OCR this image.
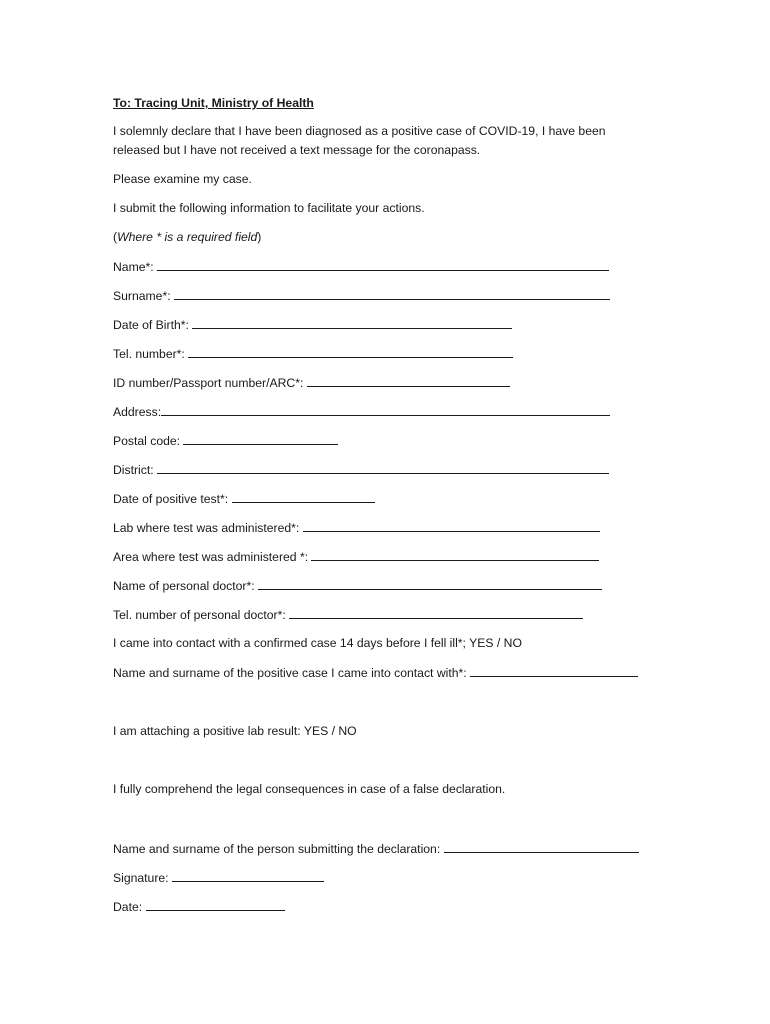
To: Tracing Unit, Ministry of Health
I solemnly declare that I have been diagnosed as a positive case of COVID-19, I have been released but I have not received a text message for the coronapass.
Please examine my case.
I submit the following information to facilitate your actions.
(Where * is a required field)
Name*:
Surname*:
Date of Birth*:
Tel. number*:
ID number/Passport number/ARC*:
Address:
Postal code:
District:
Date of positive test*:
Lab where test was administered*:
Area where test was administered *:
Name of personal doctor*:
Tel. number of personal doctor*:
I came into contact with a confirmed case 14 days before I fell ill*; YES / NO
Name and surname of the positive case I came into contact with*:
I am attaching a positive lab result: YES / NO
I fully comprehend the legal consequences in case of a false declaration.
Name and surname of the person submitting the declaration:
Signature:
Date:
